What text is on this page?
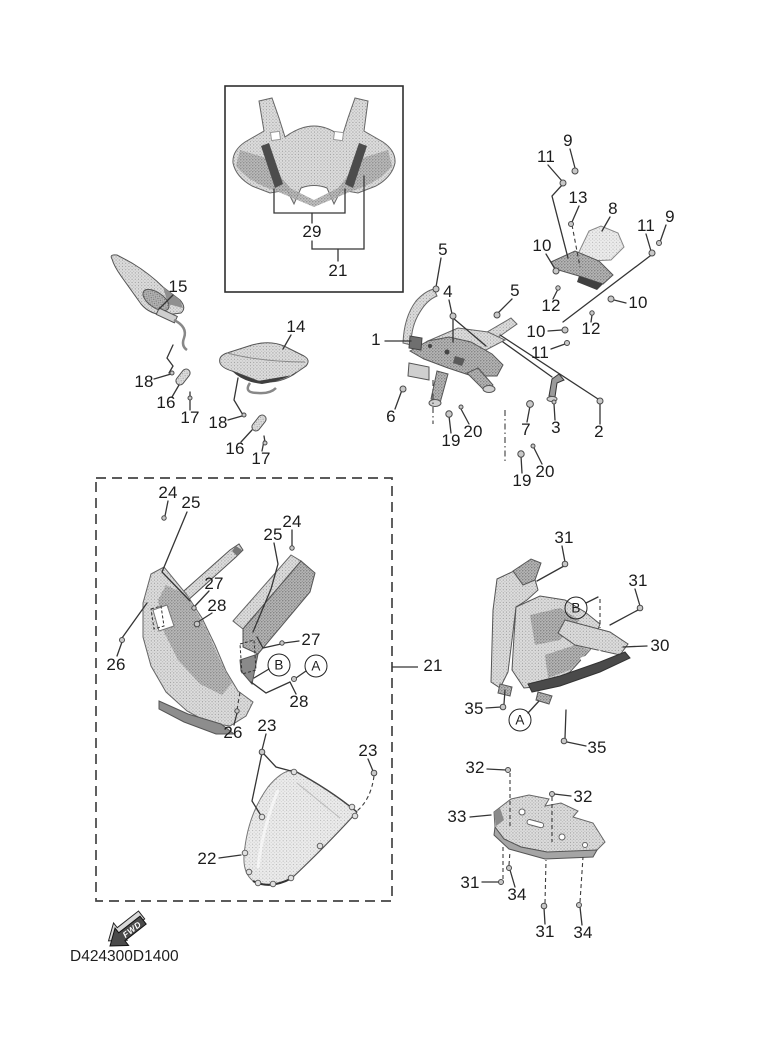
FWD
29
21
15
14
18
16
17 18
16
17
5
4	5
1
6
19 20 7 3 2
19 20
9
11
13
8
11 9
10
12
10
11
12
10
24
25
25
24
27
28
26
27
B	A
28
26 23
23
22
21
31
31
B
30
35
A
35
32
32
33
31
34
31 34
D424300D1400
